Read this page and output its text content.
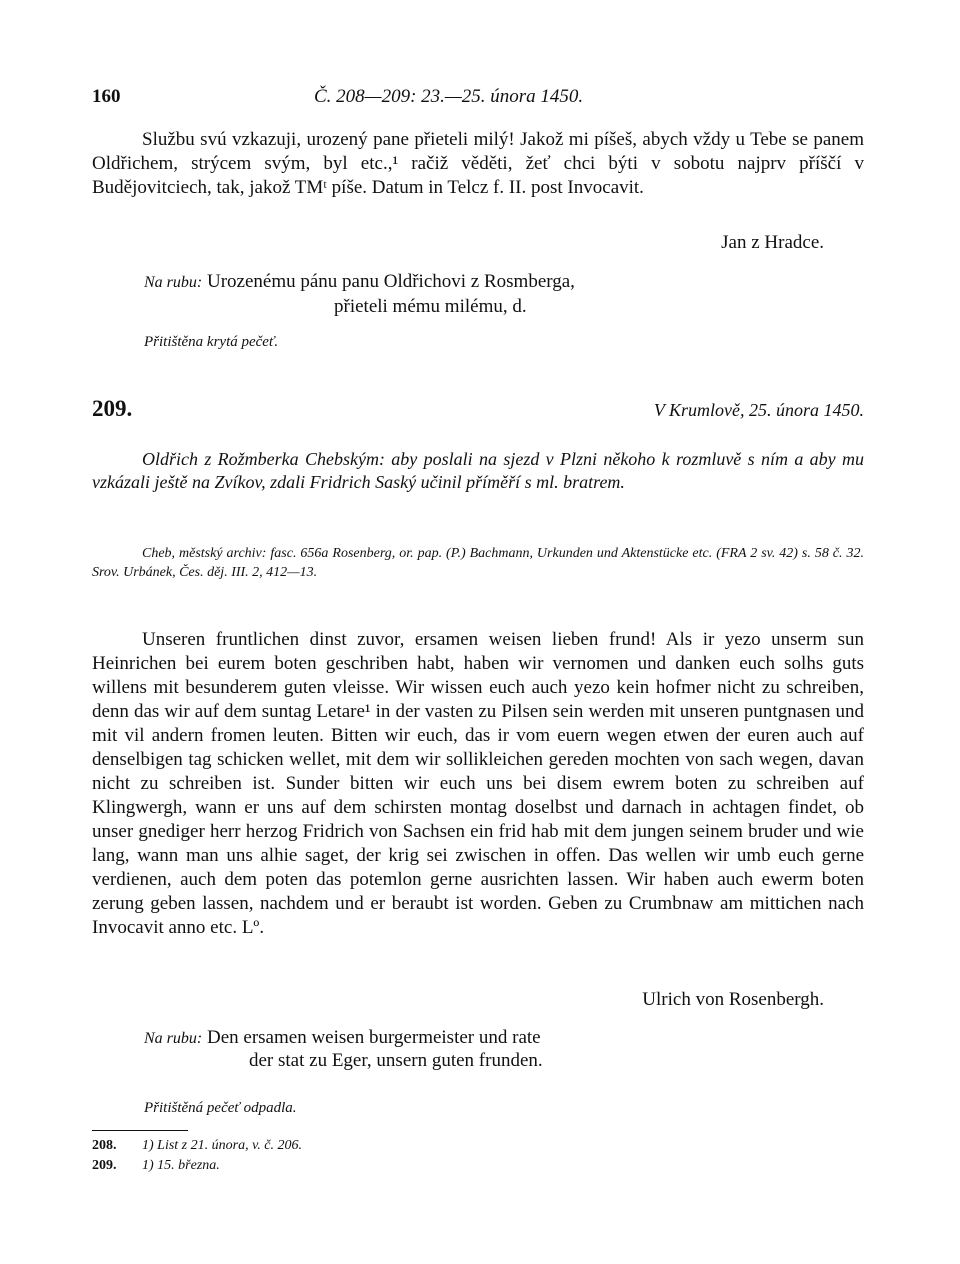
160	Č. 208—209: 23.—25. února 1450.

Službu svú vzkazuji, urozený pane přieteli milý! Jakož mi píšeš, abych vždy u Tebe se panem Oldřichem, strýcem svým, byl etc.,¹ račiž věděti, žeť chci býti v sobotu najprv příščí v Budějovitciech, tak, jakož TMᵗ píše. Datum in Telcz f. II. post Invocavit.

Jan z Hradce.
Na rubu: Urozenému pánu panu Oldřichovi z Rosmberga,
přieteli mému milému, d.
Přitištěna krytá pečeť.
209.	V Krumlově, 25. února 1450.

Oldřich z Rožmberka Chebským: aby poslali na sjezd v Plzni někoho k rozmluvě s ním a aby mu vzkázali ještě na Zvíkov, zdali Fridrich Saský učinil příměří s ml. bratrem.

Cheb, městský archiv: fasc. 656a Rosenberg, or. pap. (P.) Bachmann, Urkunden und Aktenstücke etc. (FRA 2 sv. 42) s. 58 č. 32. Srov. Urbánek, Čes. děj. III. 2, 412—13.

Unseren fruntlichen dinst zuvor, ersamen weisen lieben frund! Als ir yezo unserm sun Heinrichen bei eurem boten geschriben habt, haben wir vernomen und danken euch solhs guts willens mit besunderem guten vleisse. Wir wissen euch auch yezo kein hofmer nicht zu schreiben, denn das wir auf dem suntag Letare¹ in der vasten zu Pilsen sein werden mit unseren puntgnasen und mit vil andern fromen leuten. Bitten wir euch, das ir vom euern wegen etwen der euren auch auf denselbigen tag schicken wellet, mit dem wir sollikleichen gereden mochten von sach wegen, davan nicht zu schreiben ist. Sunder bitten wir euch uns bei disem ewrem boten zu schreiben auf Klingwergh, wann er uns auf dem schirsten montag doselbst und darnach in achtagen findet, ob unser gnediger herr herzog Fridrich von Sachsen ein frid hab mit dem jungen seinem bruder und wie lang, wann man uns alhie saget, der krig sei zwischen in offen. Das wellen wir umb euch gerne verdienen, auch dem poten das potemlon gerne ausrichten lassen. Wir haben auch ewerm boten zerung geben lassen, nachdem und er beraubt ist worden. Geben zu Crumbnaw am mittichen nach Invocavit anno etc. Lº.

Ulrich von Rosenbergh.
Na rubu: Den ersamen weisen burgermeister und rate
der stat zu Eger, unsern guten frunden.
Přitištěná pečeť odpadla.
208. 1) List z 21. února, v. č. 206.
209. 1) 15. března.
